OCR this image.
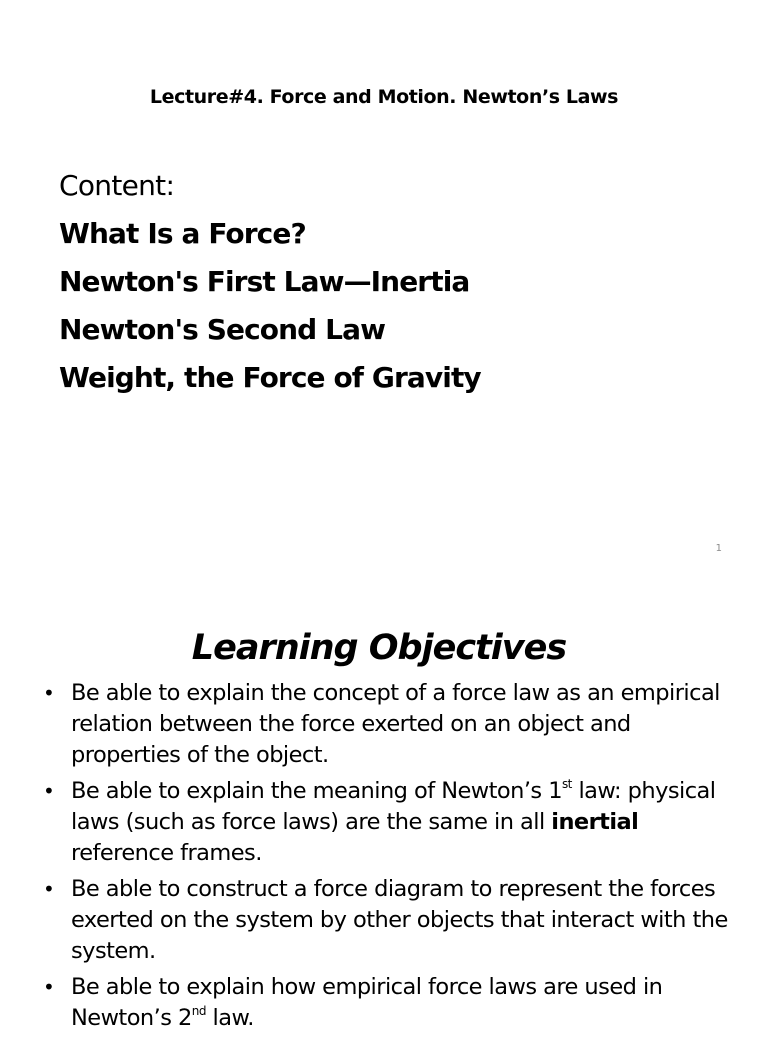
Lecture#4. Force and Motion. Newton’s Laws
Content:
What Is a Force?
Newton's First Law—Inertia
Newton's Second Law
Weight, the Force of Gravity
1
Learning Objectives
• Be able to explain the concept of a force law as an empirical relation between the force exerted on an object and properties of the object.
• Be able to explain the meaning of Newton’s 1st law: physical laws (such as force laws) are the same in all inertial reference frames.
• Be able to construct a force diagram to represent the forces exerted on the system by other objects that interact with the system.
• Be able to explain how empirical force laws are used in Newton’s 2nd law.
